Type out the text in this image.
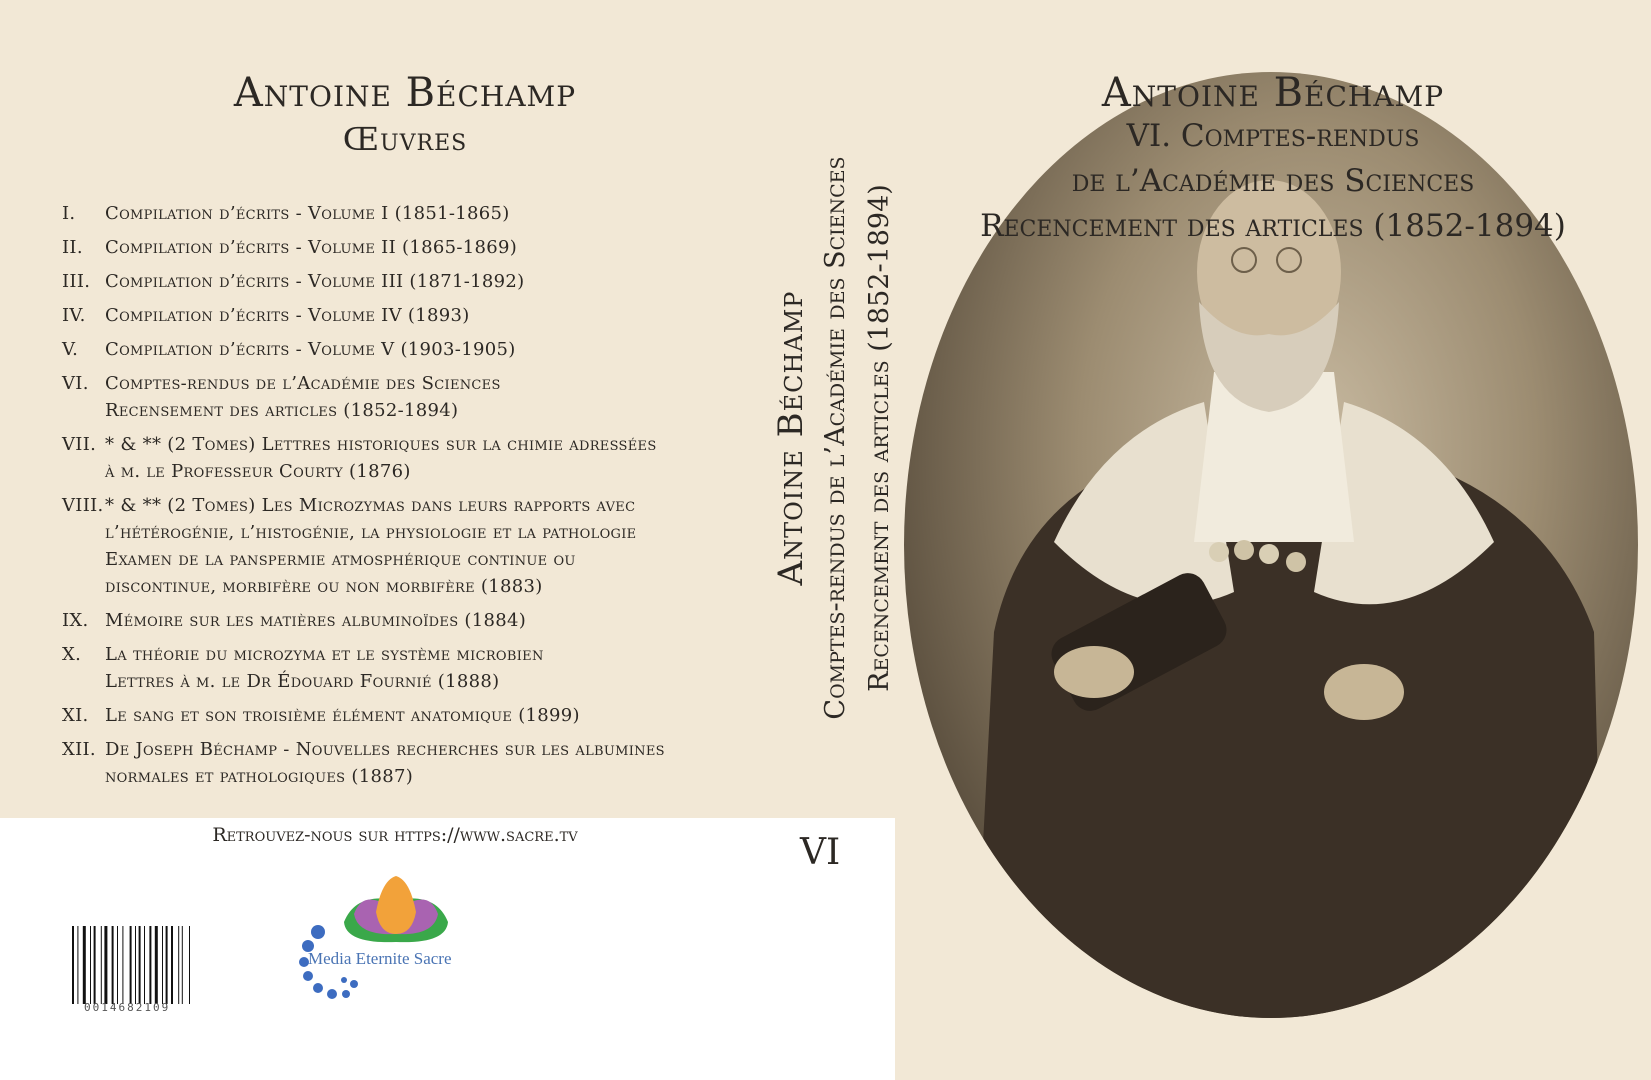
Antoine Béchamp
Œuvres
I.	Compilation d’écrits - Volume I (1851-1865)
II.	Compilation d’écrits - Volume II (1865-1869)
III. Compilation d’écrits - Volume III (1871-1892)
IV.	Compilation d’écrits - Volume IV (1893)
V.	Compilation d’écrits - Volume V (1903-1905)
VI. Comptes-rendus de l’Académie des Sciences
Recensement des articles (1852-1894)
VII. * & ** (2 Tomes) Lettres historiques sur la chimie adressées
à m. le Professeur Courty (1876)
VIII. * & ** (2 Tomes) Les Microzymas dans leurs rapports avec
l’hétérogénie, l’histogénie, la physiologie et la pathologie
Examen de la panspermie atmosphérique continue ou
discontinue, morbifère ou non morbifère (1883)
IX. Mémoire sur les matières albuminoïdes (1884)
X.	La théorie du microzyma et le système microbien
Lettres à m. le Dr Édouard Fournié (1888)
XI. Le sang et son troisième élément anatomique (1899)
XII. De Joseph Béchamp - Nouvelles recherches sur les albumines
normales et pathologiques (1887)
Retrouvez-nous sur https://www.sacre.tv	VI
0014682109
Media Eternite Sacre
Antoine Béchamp Comptes-rendus de l’Académie des Sciences Recencement des articles (1852-1894)
Antoine Béchamp
VI. Comptes-rendus
de l’Académie des Sciences
Recencement des articles (1852-1894)
